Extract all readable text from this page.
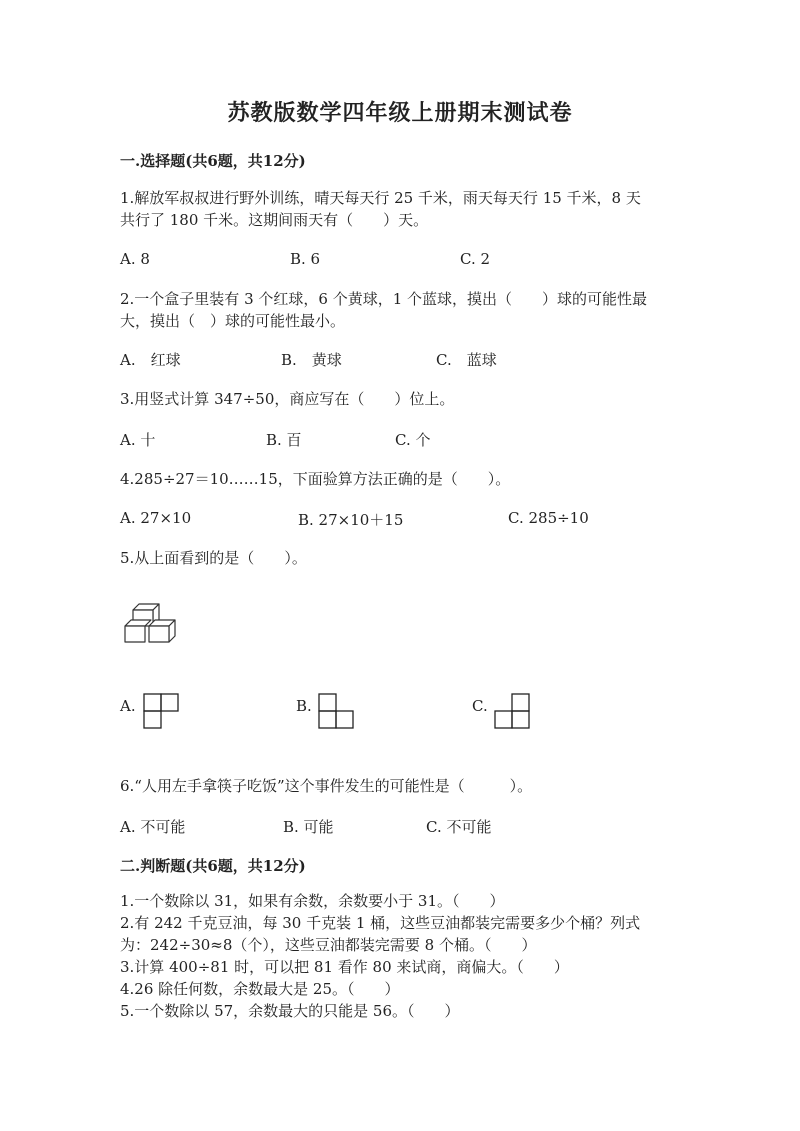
苏教版数学四年级上册期末测试卷
一.选择题(共6题，共12分)
1.解放军叔叔进行野外训练，晴天每天行 25 千米，雨天每天行 15 千米，8 天
共行了 180 千米。这期间雨天有（　　）天。
A. 8	B. 6	C. 2
2.一个盒子里装有 3 个红球，6 个黄球，1 个蓝球，摸出（　　）球的可能性最
大，摸出（　）球的可能性最小。
A.　红球	B.　黄球	C.　蓝球
3.用竖式计算 347÷50，商应写在（　　）位上。
A. 十	B. 百	C. 个
4.285÷27＝10……15，下面验算方法正确的是（　　）。
A. 27×10	B. 27×10＋15	C. 285÷10
5.从上面看到的是（　　）。
A.	B.	C.
6.“人用左手拿筷子吃饭”这个事件发生的可能性是（　　　）。
A. 不可能	B. 可能	C. 不可能
二.判断题(共6题，共12分)
1.一个数除以 31，如果有余数，余数要小于 31。（　　）
2.有 242 千克豆油，每 30 千克装 1 桶，这些豆油都装完需要多少个桶？列式
为：242÷30≈8（个），这些豆油都装完需要 8 个桶。（　　）
3.计算 400÷81 时，可以把 81 看作 80 来试商，商偏大。（　　）
4.26 除任何数，余数最大是 25。（　　）
5.一个数除以 57，余数最大的只能是 56。（　　）
